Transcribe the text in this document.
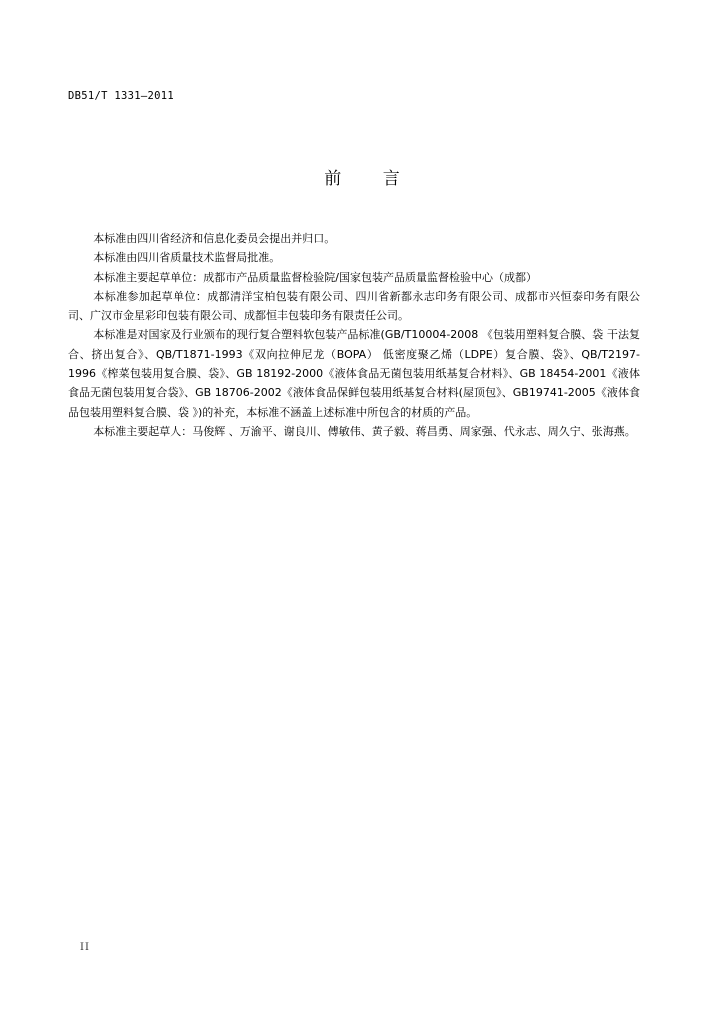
DB51/T 1331—2011
前 言

本标准由四川省经济和信息化委员会提出并归口。

本标准由四川省质量技术监督局批准。

本标准主要起草单位：成都市产品质量监督检验院/国家包装产品质量监督检验中心（成都）

本标准参加起草单位：成都清洋宝柏包装有限公司、四川省新都永志印务有限公司、成都市兴恒泰印务有限公司、广汉市金星彩印包装有限公司、成都恒丰包装印务有限责任公司。

本标准是对国家及行业颁布的现行复合塑料软包装产品标准(GB/T10004-2008 《包装用塑料复合膜、袋 干法复合、挤出复合》、QB/T1871-1993《双向拉伸尼龙（BOPA） 低密度聚乙烯（LDPE）复合膜、袋》、QB/T2197-1996《榨菜包装用复合膜、袋》、GB 18192-2000《液体食品无菌包装用纸基复合材料》、GB 18454-2001《液体食品无菌包装用复合袋》、GB 18706-2002《液体食品保鲜包装用纸基复合材料(屋顶包》、GB19741-2005《液体食品包装用塑料复合膜、袋 》)的补充，本标准不涵盖上述标准中所包含的材质的产品。

本标准主要起草人：马俊辉 、万渝平、谢良川、傅敏伟、黄子毅、蒋昌勇、周家强、代永志、周久宁、张海燕。

II
